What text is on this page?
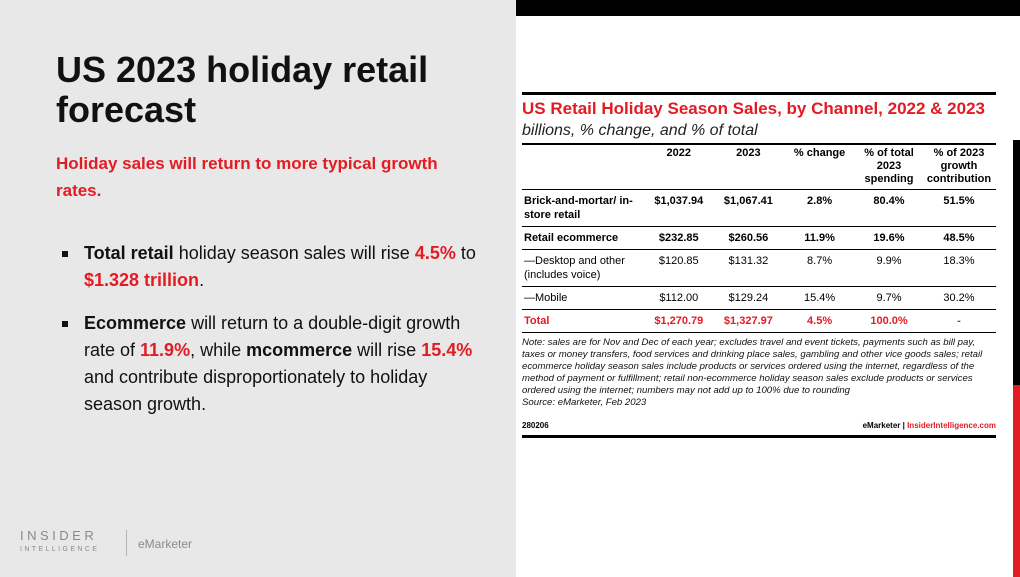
US 2023 holiday retail forecast

Holiday sales will return to more typical growth rates.

Total retail holiday season sales will rise 4.5% to $1.328 trillion.
Ecommerce will return to a double-digit growth rate of 11.9%, while mcommerce will rise 15.4% and contribute disproportionately to holiday season growth.
INSIDER
INTELLIGENCE	eMarketer
US Retail Holiday Season Sales, by Channel, 2022 & 2023
billions, % change, and % of total
	2022	2023	% change	% of total 2023 spending	% of 2023 growth contribution
Brick-and-mortar/ in-store retail	$1,037.94	$1,067.41	2.8%	80.4%	51.5%
Retail ecommerce	$232.85	$260.56	11.9%	19.6%	48.5%
—Desktop and other (includes voice)	$120.85	$131.32	8.7%	9.9%	18.3%
—Mobile	$112.00	$129.24	15.4%	9.7%	30.2%
Total	$1,270.79	$1,327.97	4.5%	100.0%	-
Note: sales are for Nov and Dec of each year; excludes travel and event tickets, payments such as bill pay, taxes or money transfers, food services and drinking place sales, gambling and other vice goods sales; retail ecommerce holiday season sales include products or services ordered using the internet, regardless of the method of payment or fulfillment; retail non-ecommerce holiday season sales exclude products or services ordered using the internet; numbers may not add up to 100% due to rounding
Source: eMarketer, Feb 2023
280206	eMarketer | InsiderIntelligence.com
